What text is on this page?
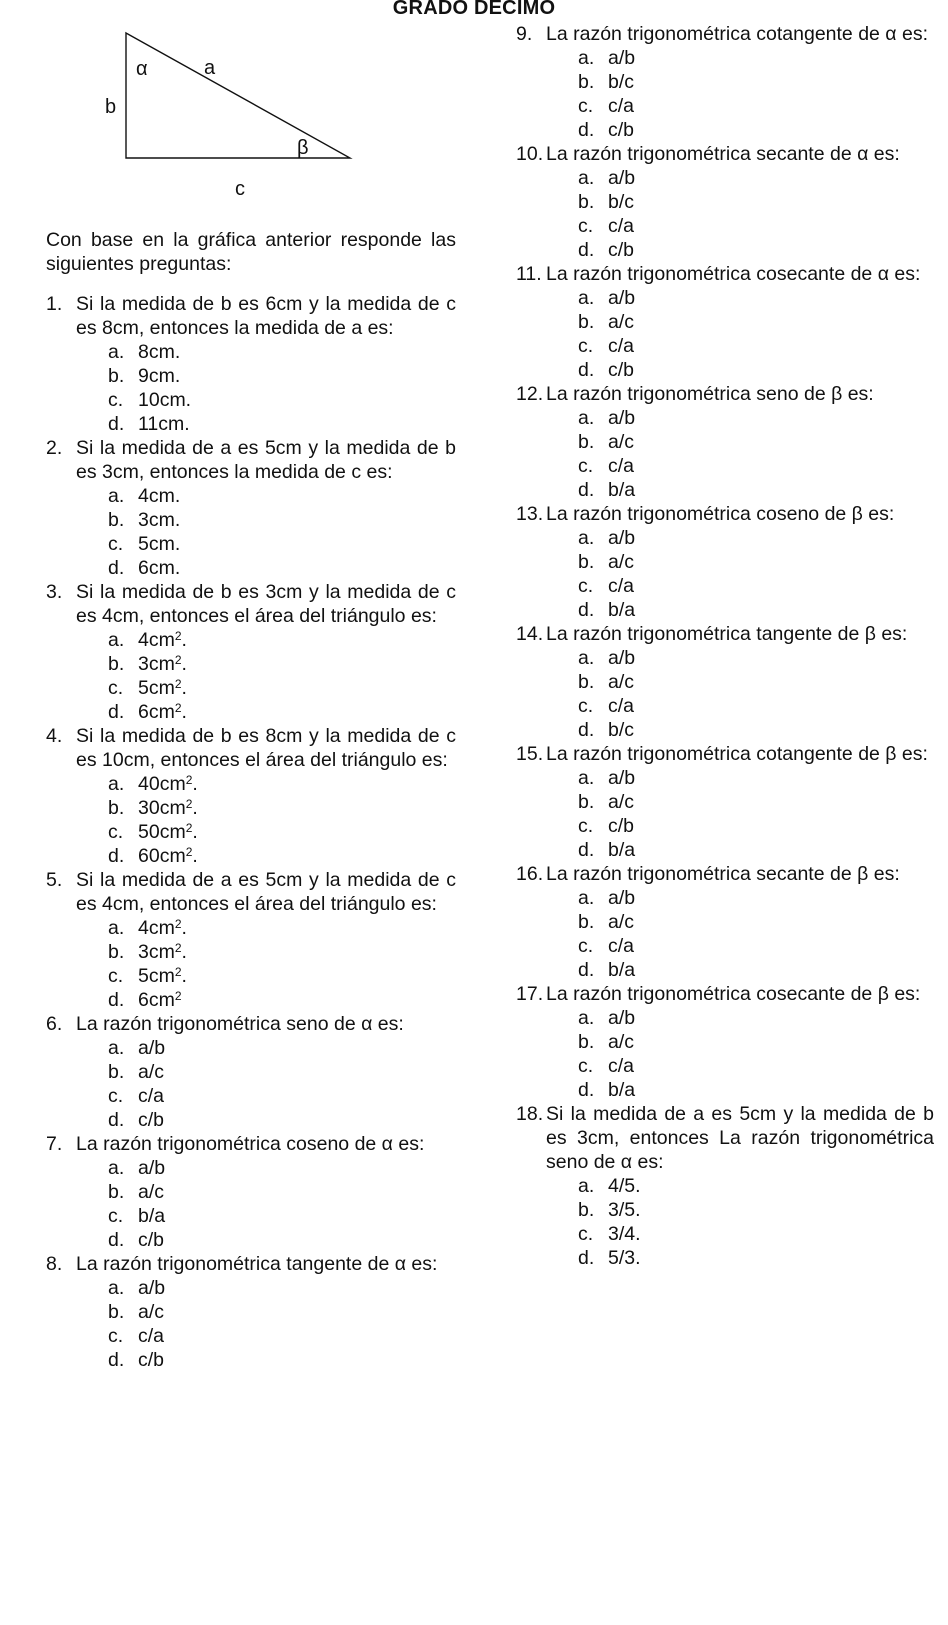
GRADO DECIMO
α	a
b
β
c
Con base en la gráfica anterior responde las siguientes preguntas:
1. Si la medida de b es 6cm y la medida de c es 8cm, entonces la medida de a es:
a. 8cm.
b. 9cm.
c. 10cm.
d. 11cm.
2. Si la medida de a es 5cm y la medida de b es 3cm, entonces la medida de c es:
a. 4cm.
b. 3cm.
c. 5cm.
d. 6cm.
3. Si la medida de b es 3cm y la medida de c es 4cm, entonces el área del triángulo es:
a. $4cm^2$.
b. $3cm^2$.
c. $5cm^2$.
d. $6cm^2$.
4. Si la medida de b es 8cm y la medida de c es 10cm, entonces el área del triángulo es:
a. $40cm^2$.
b. $30cm^2$.
c. $50cm^2$.
d. $60cm^2$.
5. Si la medida de a es 5cm y la medida de c es 4cm, entonces el área del triángulo es:
a. $4cm^2$.
b. $3cm^2$.
c. $5cm^2$.
d. $6cm^2$
6. La razón trigonométrica seno de α es:
a. a/b
b. a/c
c. c/a
d. c/b
7. La razón trigonométrica coseno de α es:
a. a/b
b. a/c
c. b/a
d. c/b
8. La razón trigonométrica tangente de α es:
a. a/b
b. a/c
c. c/a
d. c/b
9. La razón trigonométrica cotangente de α es:
a. a/b
b. b/c
c. c/a
d. c/b
10. La razón trigonométrica secante de α es:
a. a/b
b. b/c
c. c/a
d. c/b
11. La razón trigonométrica cosecante de α es:
a. a/b
b. a/c
c. c/a
d. c/b
12. La razón trigonométrica seno de β es:
a. a/b
b. a/c
c. c/a
d. b/a
13. La razón trigonométrica coseno de β es:
a. a/b
b. a/c
c. c/a
d. b/a
14. La razón trigonométrica tangente de β es:
a. a/b
b. a/c
c. c/a
d. b/c
15. La razón trigonométrica cotangente de β es:
a. a/b
b. a/c
c. c/b
d. b/a
16. La razón trigonométrica secante de β es:
a. a/b
b. a/c
c. c/a
d. b/a
17. La razón trigonométrica cosecante de β es:
a. a/b
b. a/c
c. c/a
d. b/a
18. Si la medida de a es 5cm y la medida de b es 3cm, entonces La razón trigonométrica seno de α es:
a. 4/5.
b. 3/5.
c. 3/4.
d. 5/3.
